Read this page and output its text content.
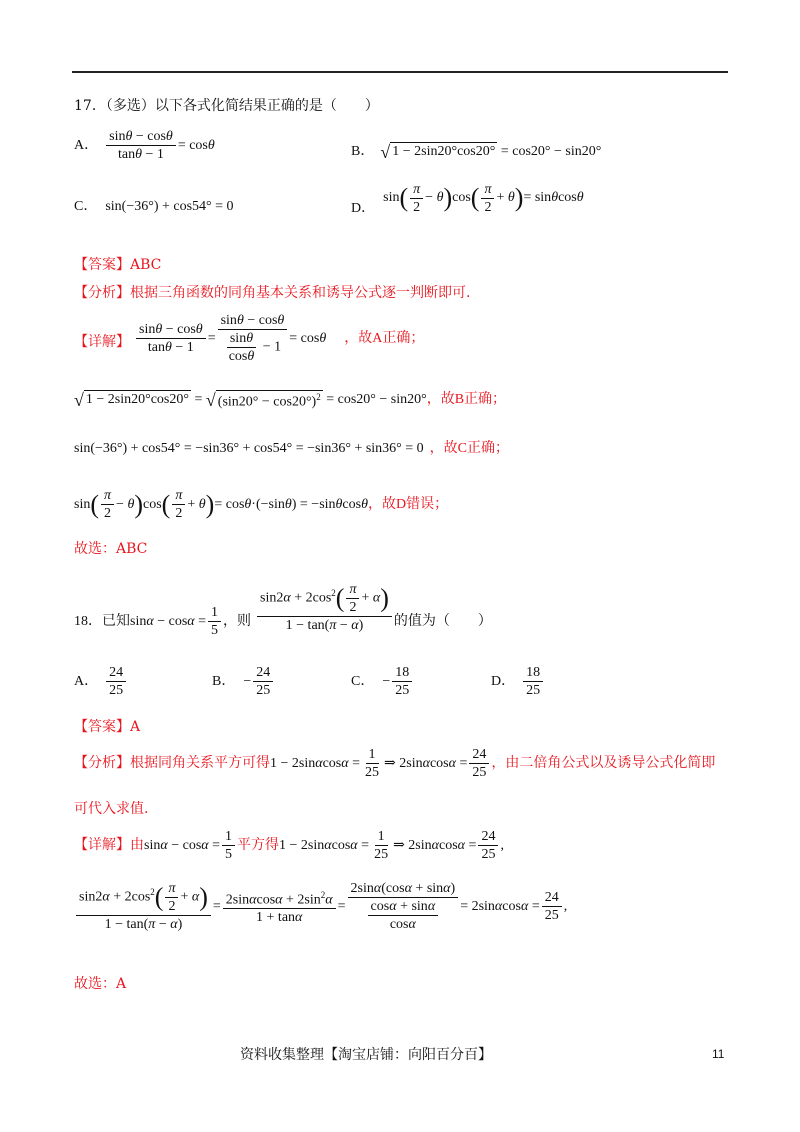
17．（多选）以下各式化简结果正确的是（　　）
A． $\frac{\sin\theta - \cos\theta}{\tan\theta - 1} = \cos\theta$	B． √ 1 − 2sin20°cos20° = cos20° − sin20°
C． sin(−36°) + cos54° = 0	D．
sin ( $\frac{\pi}{2} - \theta$ ) cos ( $\frac{\pi}{2} + \theta$ ) = sinθcosθ
【答案】ABC
【分析】根据三角函数的同角基本关系和诱导公式逐一判断即可.
【详解】 $\frac{\sin\theta - \cos\theta}{\tan\theta - 1} = \frac{\sin\theta - \cos\theta}{\frac{\sin\theta}{\cos\theta} - 1} = \cos\theta$ ，故A正确；
√ 1 − 2sin20°cos20° = √ $(\sin 20^\circ - \cos 20^\circ)^2 = \cos 20^\circ - \sin 20^\circ$ ，故B正确；
sin(−36°) + cos54° = −sin36° + cos54° = −sin36° + sin36° = 0 ，故C正确；
sin ( $\frac{\pi}{2} - \theta$ ) cos ( $\frac{\pi}{2} + \theta$ ) = cosθ·(−sinθ) = −sinθcosθ ，故D错误；
故选：ABC
18．已知 $\sin\alpha - \cos\alpha = \frac{1}{5}$ ，则 $\frac{\sin 2\alpha + 2\cos^2( \frac{\pi}{2} + \alpha)}{1 - \tan(\pi - \alpha)}$ 的值为（　　）
A． $\frac{24}{25}$	B． − $\frac{24}{25}$	C． − $\frac{18}{25}$	D． $\frac{18}{25}$
【答案】A
【分析】根据同角关系平方可得 $1 - 2\sin\alpha\cos\alpha = \frac{1}{25}$ ⇒ $2\sin\alpha\cos\alpha = \frac{24}{25}$ ，由二倍角公式以及诱导公式化简即
可代入求值.
【详解】由 $\sin\alpha - \cos\alpha = \frac{1}{5}$ 平方得 $1 - 2\sin\alpha\cos\alpha = \frac{1}{25}$ ⇒ $2\sin\alpha\cos\alpha = \frac{24}{25}$ ,
$\frac{\sin 2\alpha + 2\cos^2( \frac{\pi}{2} + \alpha)}{1 - \tan(\pi - \alpha)} = \frac{2\sin\alpha\cos\alpha + 2\sin^2\alpha}{1 + \tan\alpha} = \frac{2\sin\alpha(\cos\alpha + \sin\alpha)}{\frac{\cos\alpha + \sin\alpha}{\cos\alpha}} = 2\sin\alpha\cos\alpha = \frac{24}{25}$ ,
故选：A
资料收集整理【淘宝店铺：向阳百分百】	11
